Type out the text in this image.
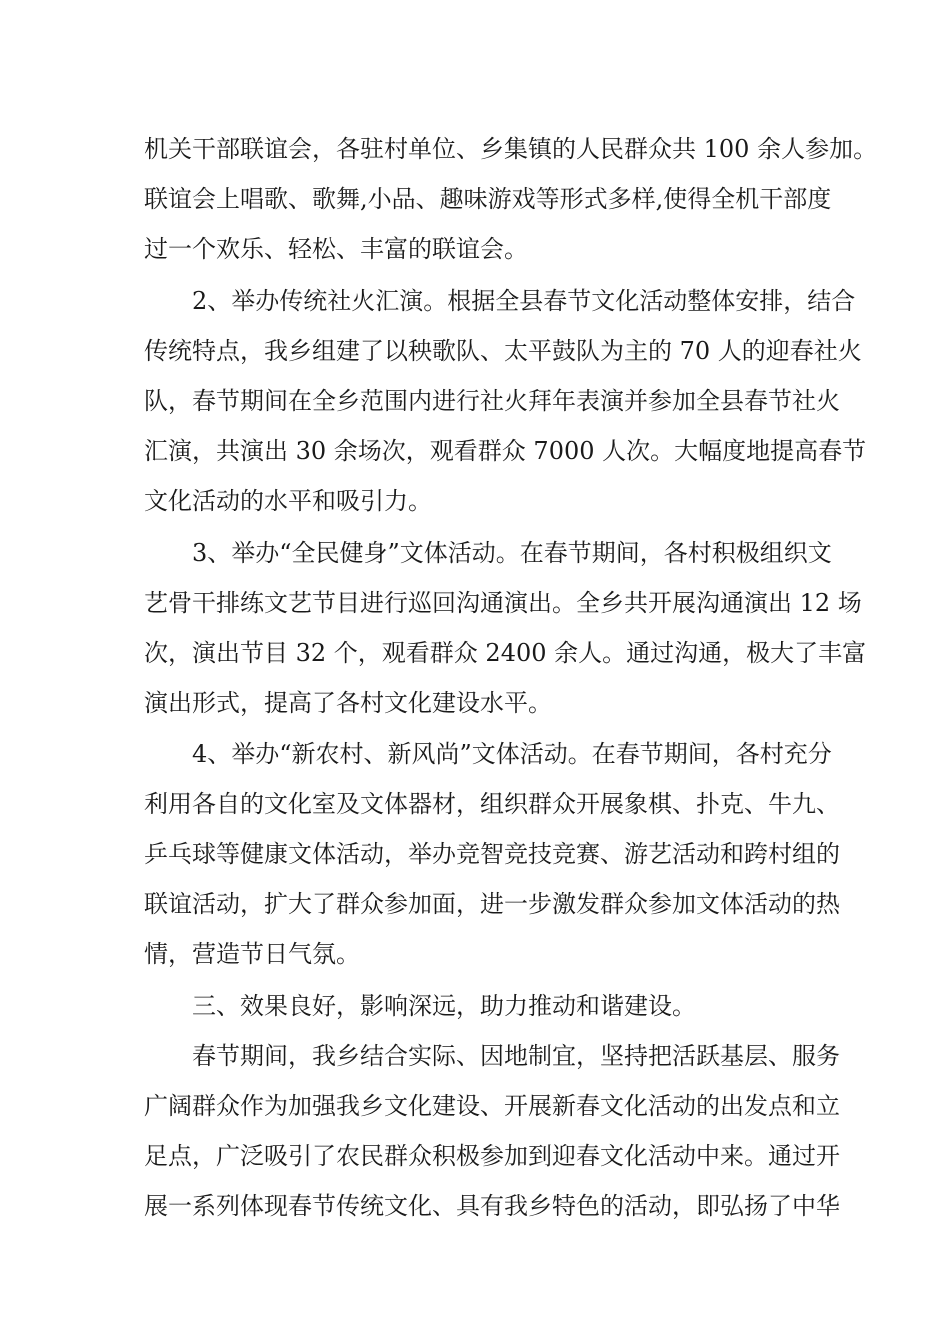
机关干部联谊会，各驻村单位、乡集镇的人民群众共 100 余人参加。
联谊会上唱歌、歌舞,小品、趣味游戏等形式多样,使得全机干部度
过一个欢乐、轻松、丰富的联谊会。
2、举办传统社火汇演。根据全县春节文化活动整体安排，结合
传统特点，我乡组建了以秧歌队、太平鼓队为主的 70 人的迎春社火
队，春节期间在全乡范围内进行社火拜年表演并参加全县春节社火
汇演，共演出 30 余场次，观看群众 7000 人次。大幅度地提高春节
文化活动的水平和吸引力。
3、举办“全民健身”文体活动。在春节期间，各村积极组织文
艺骨干排练文艺节目进行巡回沟通演出。全乡共开展沟通演出 12 场
次，演出节目 32 个，观看群众 2400 余人。通过沟通，极大了丰富
演出形式，提高了各村文化建设水平。
4、举办“新农村、新风尚”文体活动。在春节期间，各村充分
利用各自的文化室及文体器材，组织群众开展象棋、扑克、牛九、
乒乓球等健康文体活动，举办竞智竞技竞赛、游艺活动和跨村组的
联谊活动，扩大了群众参加面，进一步激发群众参加文体活动的热
情，营造节日气氛。
三、效果良好，影响深远，助力推动和谐建设。
春节期间，我乡结合实际、因地制宜，坚持把活跃基层、服务
广阔群众作为加强我乡文化建设、开展新春文化活动的出发点和立
足点，广泛吸引了农民群众积极参加到迎春文化活动中来。通过开
展一系列体现春节传统文化、具有我乡特色的活动，即弘扬了中华
